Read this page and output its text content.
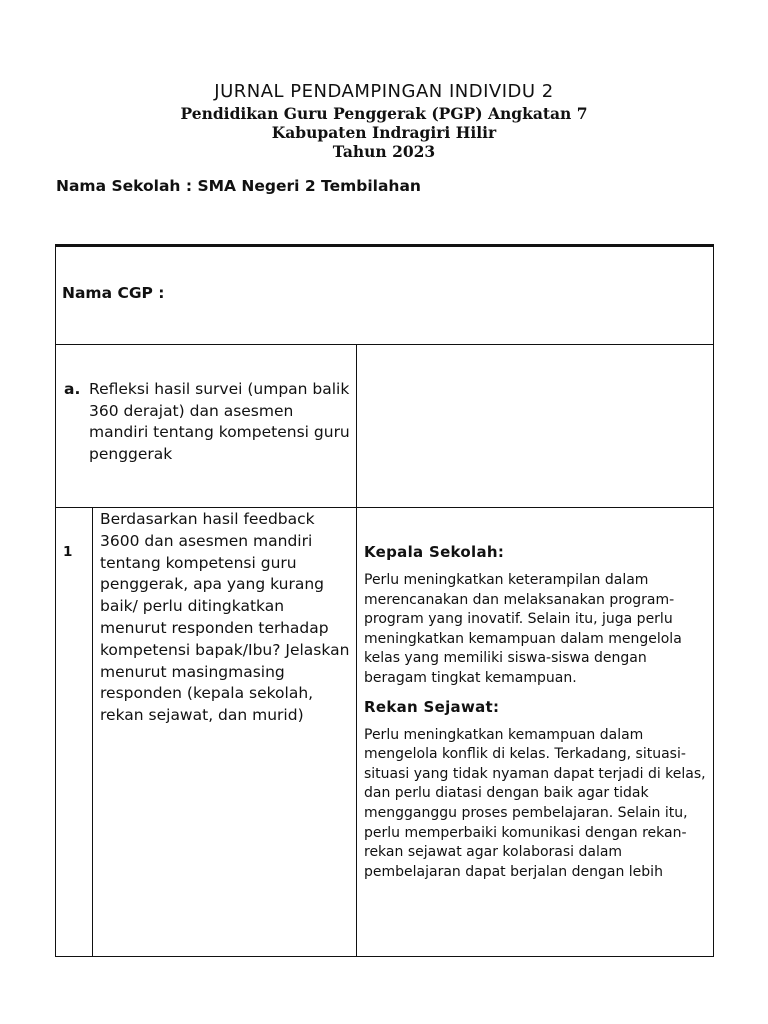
JURNAL PENDAMPINGAN INDIVIDU 2
Pendidikan Guru Penggerak (PGP) Angkatan 7
Kabupaten Indragiri Hilir
Tahun 2023
Nama Sekolah : SMA Negeri 2 Tembilahan
Nama CGP :
a. Refleksi hasil survei (umpan balik 360 derajat) dan asesmen mandiri tentang kompetensi guru penggerak
1
Berdasarkan hasil feedback 3600 dan asesmen mandiri tentang kompetensi guru penggerak, apa yang kurang baik/ perlu ditingkatkan menurut responden terhadap kompetensi bapak/Ibu? Jelaskan menurut masingmasing responden (kepala sekolah, rekan sejawat, dan murid)
Kepala Sekolah:
Perlu meningkatkan keterampilan dalam merencanakan dan melaksanakan program-program yang inovatif. Selain itu, juga perlu meningkatkan kemampuan dalam mengelola kelas yang memiliki siswa-siswa dengan beragam tingkat kemampuan.
Rekan Sejawat:
Perlu meningkatkan kemampuan dalam mengelola konflik di kelas. Terkadang, situasi-situasi yang tidak nyaman dapat terjadi di kelas, dan perlu diatasi dengan baik agar tidak mengganggu proses pembelajaran. Selain itu, perlu memperbaiki komunikasi dengan rekan-rekan sejawat agar kolaborasi dalam pembelajaran dapat berjalan dengan lebih
